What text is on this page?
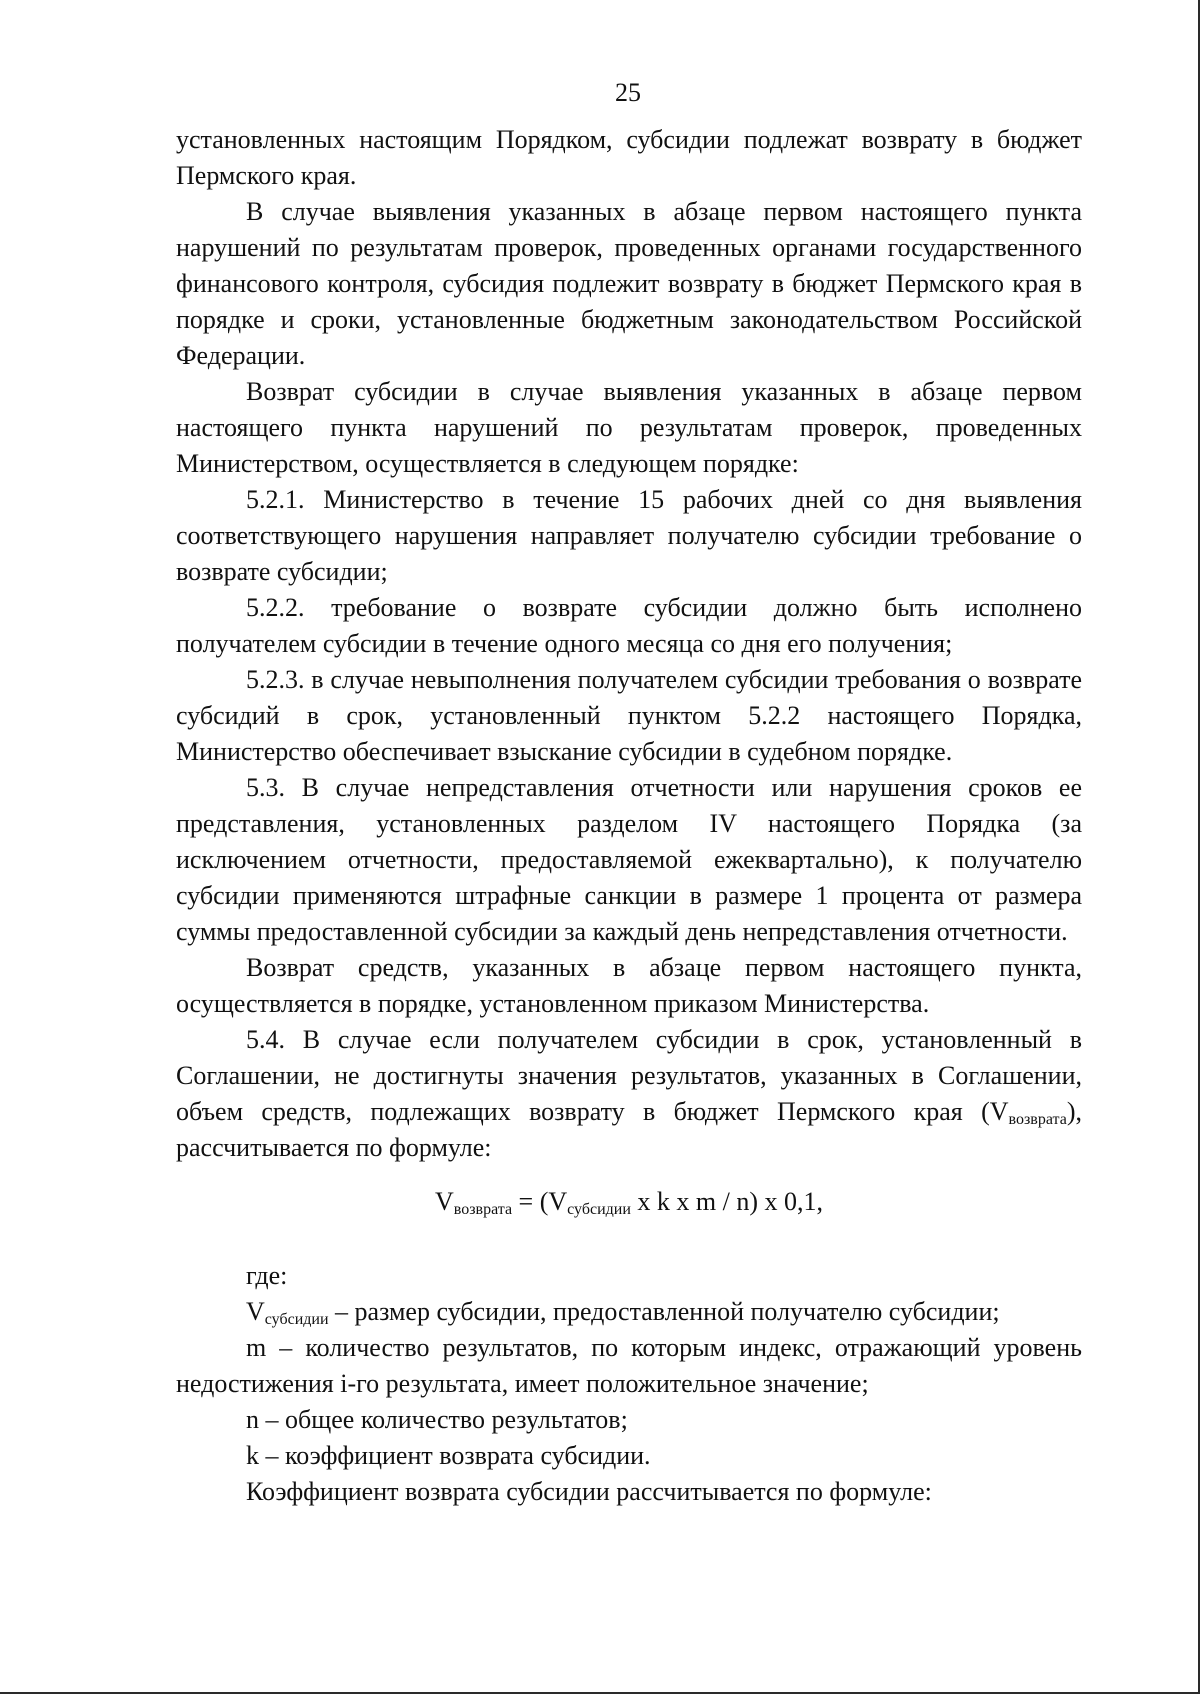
25

установленных настоящим Порядком, субсидии подлежат возврату в бюджет Пермского края.

В случае выявления указанных в абзаце первом настоящего пункта нарушений по результатам проверок, проведенных органами государственного финансового контроля, субсидия подлежит возврату в бюджет Пермского края в порядке и сроки, установленные бюджетным законодательством Российской Федерации.

Возврат субсидии в случае выявления указанных в абзаце первом настоящего пункта нарушений по результатам проверок, проведенных Министерством, осуществляется в следующем порядке:

5.2.1. Министерство в течение 15 рабочих дней со дня выявления соответствующего нарушения направляет получателю субсидии требование о возврате субсидии;

5.2.2. требование о возврате субсидии должно быть исполнено получателем субсидии в течение одного месяца со дня его получения;

5.2.3. в случае невыполнения получателем субсидии требования о возврате субсидий в срок, установленный пунктом 5.2.2 настоящего Порядка, Министерство обеспечивает взыскание субсидии в судебном порядке.

5.3. В случае непредставления отчетности или нарушения сроков ее представления, установленных разделом IV настоящего Порядка (за исключением отчетности, предоставляемой ежеквартально), к получателю субсидии применяются штрафные санкции в размере 1 процента от размера суммы предоставленной субсидии за каждый день непредставления отчетности.

Возврат средств, указанных в абзаце первом настоящего пункта, осуществляется в порядке, установленном приказом Министерства.

5.4. В случае если получателем субсидии в срок, установленный в Соглашении, не достигнуты значения результатов, указанных в Соглашении, объем средств, подлежащих возврату в бюджет Пермского края $(V_{возврата})$, рассчитывается по формуле:

$V_{возврата} = (V_{субсидии}$ x k x m / n) x 0,1,

где:

$V_{субсидии}$ – размер субсидии, предоставленной получателю субсидии;

m – количество результатов, по которым индекс, отражающий уровень недостижения i-го результата, имеет положительное значение;

n – общее количество результатов;

k – коэффициент возврата субсидии.

Коэффициент возврата субсидии рассчитывается по формуле:
